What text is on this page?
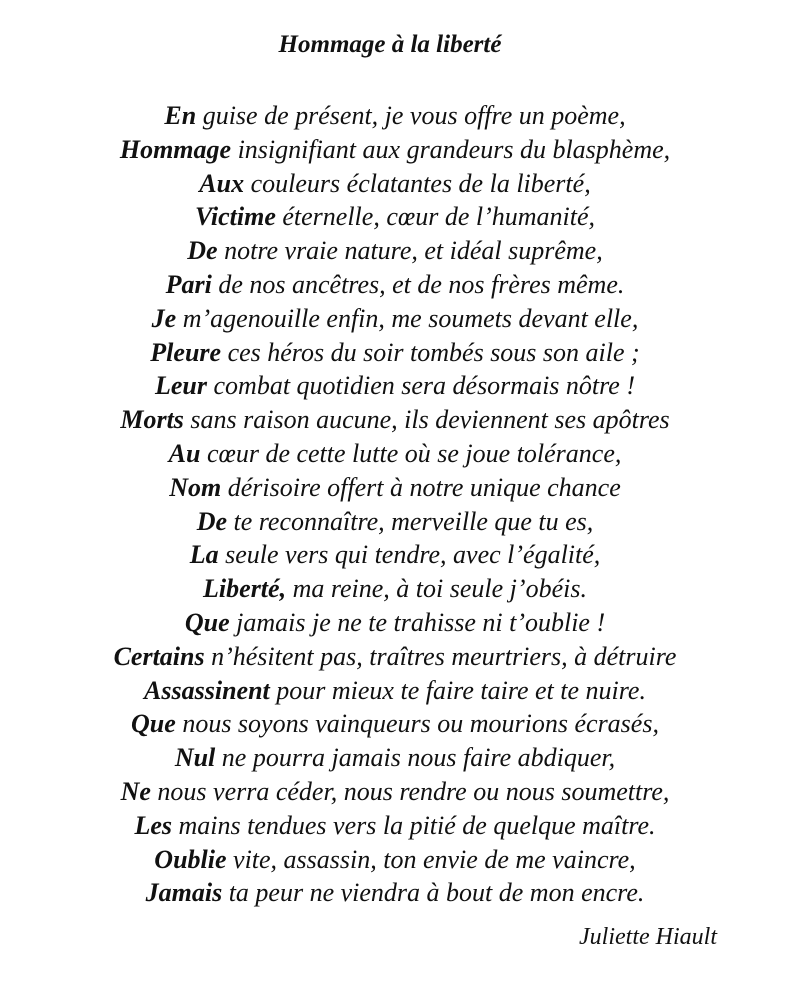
Hommage à la liberté
En guise de présent, je vous offre un poème,
Hommage insignifiant aux grandeurs du blasphème,
Aux couleurs éclatantes de la liberté,
Victime éternelle, cœur de l’humanité,
De notre vraie nature, et idéal suprême,
Pari de nos ancêtres, et de nos frères même.
Je m’agenouille enfin, me soumets devant elle,
Pleure ces héros du soir tombés sous son aile ;
Leur combat quotidien sera désormais nôtre !
Morts sans raison aucune, ils deviennent ses apôtres
Au cœur de cette lutte où se joue tolérance,
Nom dérisoire offert à notre unique chance
De te reconnaître, merveille que tu es,
La seule vers qui tendre, avec l’égalité,
Liberté, ma reine, à toi seule j’obéis.
Que jamais je ne te trahisse ni t’oublie !
Certains n’hésitent pas, traîtres meurtriers, à détruire
Assassinent pour mieux te faire taire et te nuire.
Que nous soyons vainqueurs ou mourions écrasés,
Nul ne pourra jamais nous faire abdiquer,
Ne nous verra céder, nous rendre ou nous soumettre,
Les mains tendues vers la pitié de quelque maître.
Oublie vite, assassin, ton envie de me vaincre,
Jamais ta peur ne viendra à bout de mon encre.
Juliette Hiault
